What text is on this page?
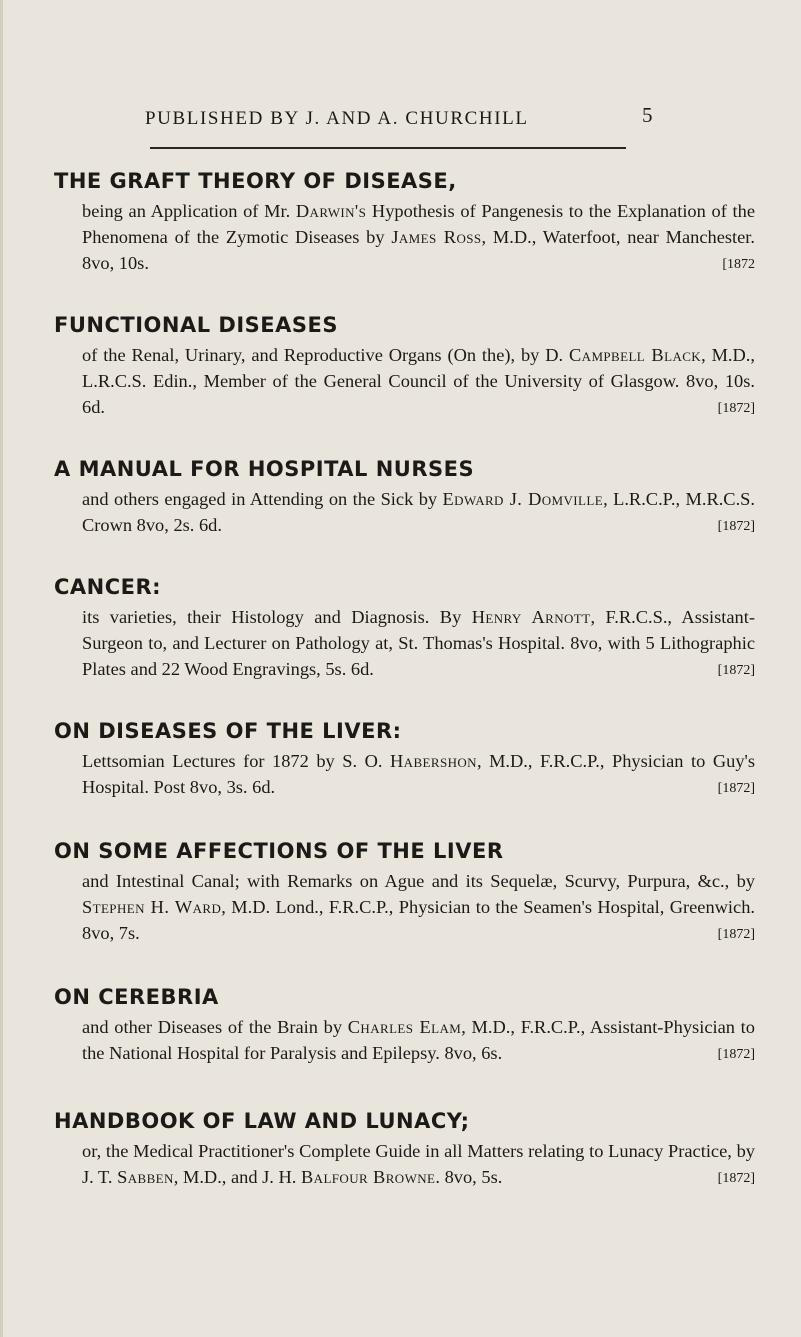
PUBLISHED BY J. AND A. CHURCHILL	5
THE GRAFT THEORY OF DISEASE,
being an Application of Mr. Darwin's Hypothesis of Pangenesis to the Explanation of the Phenomena of the Zymotic Diseases by James Ross, M.D., Waterfoot, near Manchester. 8vo, 10s.	[1872
FUNCTIONAL DISEASES
of the Renal, Urinary, and Reproductive Organs (On the), by D. Campbell Black, M.D., L.R.C.S. Edin., Member of the General Council of the University of Glasgow. 8vo, 10s. 6d.	[1872]
A MANUAL FOR HOSPITAL NURSES
and others engaged in Attending on the Sick by Edward J. Domville, L.R.C.P., M.R.C.S. Crown 8vo, 2s. 6d.	[1872]
CANCER:
its varieties, their Histology and Diagnosis. By Henry Arnott, F.R.C.S., Assistant-Surgeon to, and Lecturer on Pathology at, St. Thomas's Hospital. 8vo, with 5 Lithographic Plates and 22 Wood Engravings, 5s. 6d.	[1872]
ON DISEASES OF THE LIVER:
Lettsomian Lectures for 1872 by S. O. Habershon, M.D., F.R.C.P., Physician to Guy's Hospital. Post 8vo, 3s. 6d.	[1872]
ON SOME AFFECTIONS OF THE LIVER
and Intestinal Canal; with Remarks on Ague and its Sequelæ, Scurvy, Purpura, &c., by Stephen H. Ward, M.D. Lond., F.R.C.P., Physician to the Seamen's Hospital, Greenwich. 8vo, 7s.	[1872]
ON CEREBRIA
and other Diseases of the Brain by Charles Elam, M.D., F.R.C.P., Assistant-Physician to the National Hospital for Paralysis and Epilepsy. 8vo, 6s.	[1872]
HANDBOOK OF LAW AND LUNACY;
or, the Medical Practitioner's Complete Guide in all Matters relating to Lunacy Practice, by J. T. Sabben, M.D., and J. H. Balfour Browne. 8vo, 5s.	[1872]
